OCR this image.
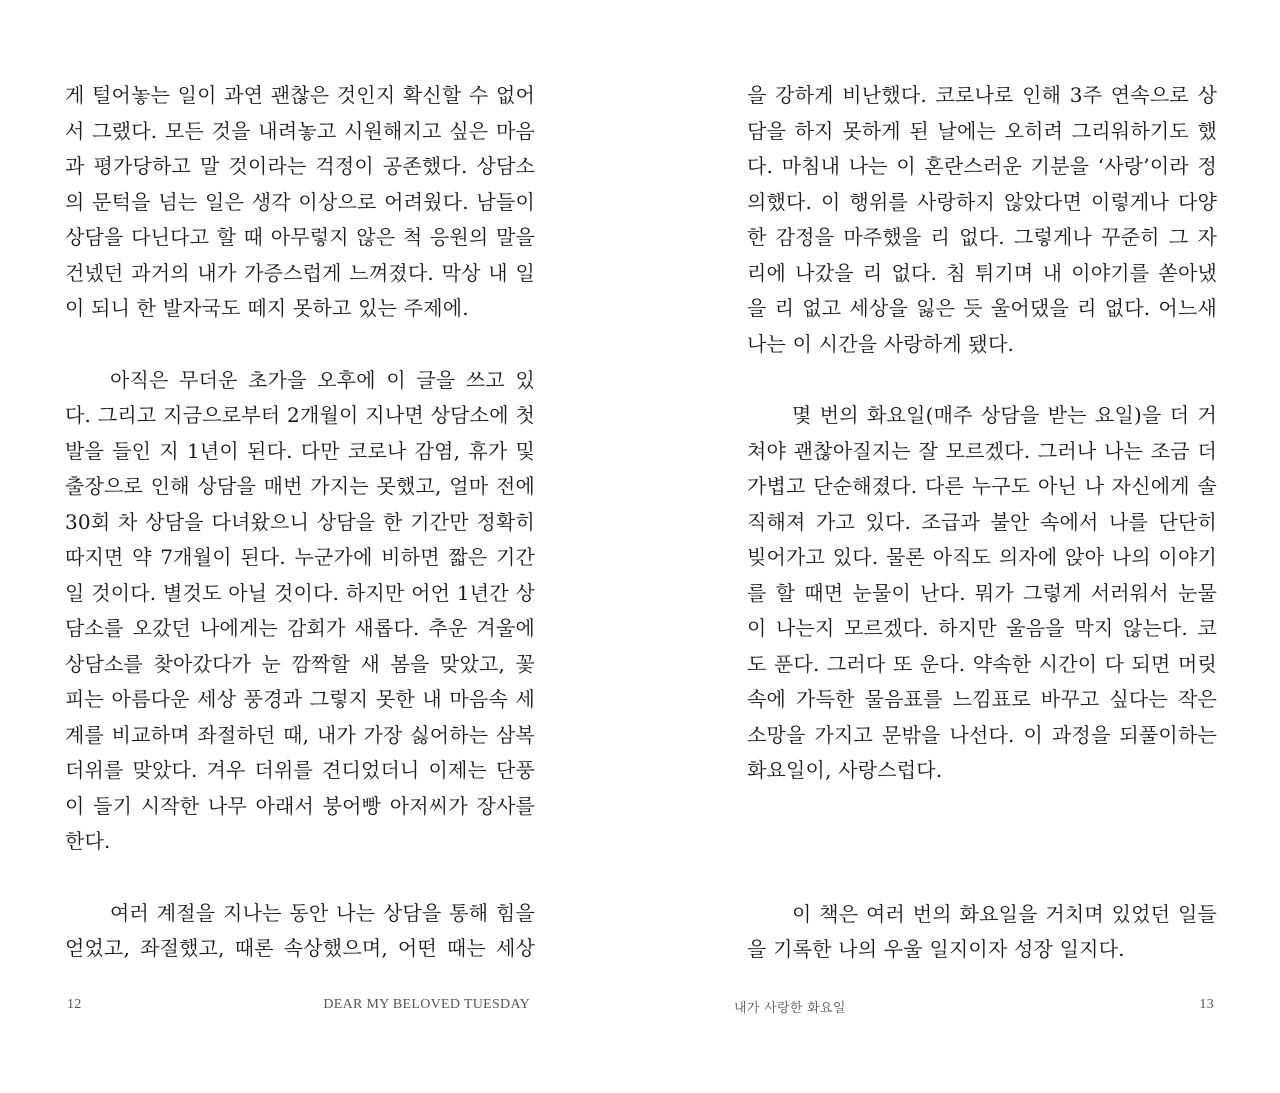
게 털어놓는 일이 과연 괜찮은 것인지 확신할 수 없어
서 그랬다. 모든 것을 내려놓고 시원해지고 싶은 마음
과 평가당하고 말 것이라는 걱정이 공존했다. 상담소
의 문턱을 넘는 일은 생각 이상으로 어려웠다. 남들이
상담을 다닌다고 할 때 아무렇지 않은 척 응원의 말을
건넸던 과거의 내가 가증스럽게 느껴졌다. 막상 내 일
이 되니 한 발자국도 떼지 못하고 있는 주제에.
아직은 무더운 초가을 오후에 이 글을 쓰고 있
다. 그리고 지금으로부터 2개월이 지나면 상담소에 첫
발을 들인 지 1년이 된다. 다만 코로나 감염, 휴가 및
출장으로 인해 상담을 매번 가지는 못했고, 얼마 전에
30회 차 상담을 다녀왔으니 상담을 한 기간만 정확히
따지면 약 7개월이 된다. 누군가에 비하면 짧은 기간
일 것이다. 별것도 아닐 것이다. 하지만 어언 1년간 상
담소를 오갔던 나에게는 감회가 새롭다. 추운 겨울에
상담소를 찾아갔다가 눈 깜짝할 새 봄을 맞았고, 꽃
피는 아름다운 세상 풍경과 그렇지 못한 내 마음속 세
계를 비교하며 좌절하던 때, 내가 가장 싫어하는 삼복
더위를 맞았다. 겨우 더위를 견디었더니 이제는 단풍
이 들기 시작한 나무 아래서 붕어빵 아저씨가 장사를
한다.
여러 계절을 지나는 동안 나는 상담을 통해 힘을
얻었고, 좌절했고, 때론 속상했으며, 어떤 때는 세상
12	DEAR MY BELOVED TUESDAY
을 강하게 비난했다. 코로나로 인해 3주 연속으로 상
담을 하지 못하게 된 날에는 오히려 그리워하기도 했
다. 마침내 나는 이 혼란스러운 기분을 ‘사랑’이라 정
의했다. 이 행위를 사랑하지 않았다면 이렇게나 다양
한 감정을 마주했을 리 없다. 그렇게나 꾸준히 그 자
리에 나갔을 리 없다. 침 튀기며 내 이야기를 쏟아냈
을 리 없고 세상을 잃은 듯 울어댔을 리 없다. 어느새
나는 이 시간을 사랑하게 됐다.
몇 번의 화요일(매주 상담을 받는 요일)을 더 거
쳐야 괜찮아질지는 잘 모르겠다. 그러나 나는 조금 더
가볍고 단순해졌다. 다른 누구도 아닌 나 자신에게 솔
직해져 가고 있다. 조급과 불안 속에서 나를 단단히
빚어가고 있다. 물론 아직도 의자에 앉아 나의 이야기
를 할 때면 눈물이 난다. 뭐가 그렇게 서러워서 눈물
이 나는지 모르겠다. 하지만 울음을 막지 않는다. 코
도 푼다. 그러다 또 운다. 약속한 시간이 다 되면 머릿
속에 가득한 물음표를 느낌표로 바꾸고 싶다는 작은
소망을 가지고 문밖을 나선다. 이 과정을 되풀이하는
화요일이, 사랑스럽다.
이 책은 여러 번의 화요일을 거치며 있었던 일들
을 기록한 나의 우울 일지이자 성장 일지다.
내가 사랑한 화요일	13
